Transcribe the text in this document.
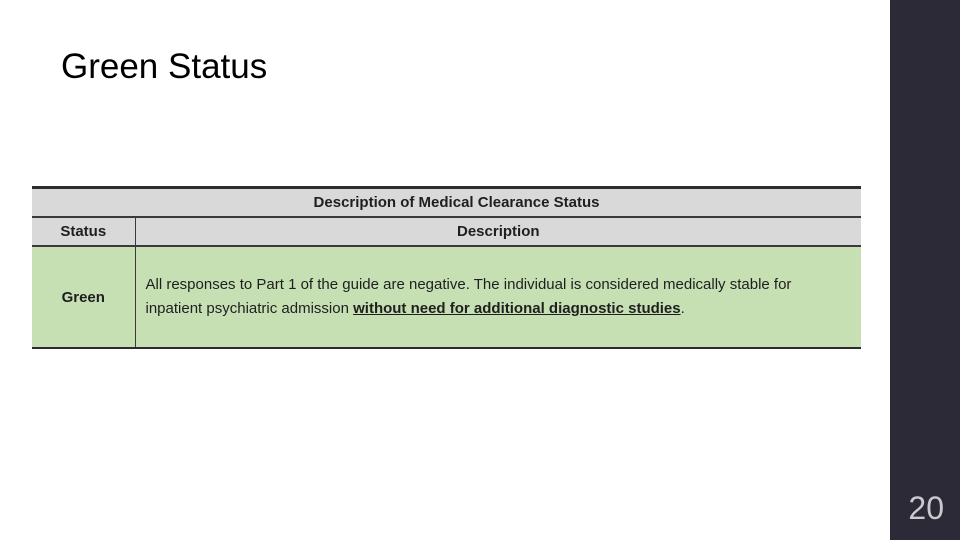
Green Status
Description of Medical Clearance Status	
Status	Description
Green	All responses to Part 1 of the guide are negative. The individual is considered medically stable for inpatient psychiatric admission without need for additional diagnostic studies.
20
